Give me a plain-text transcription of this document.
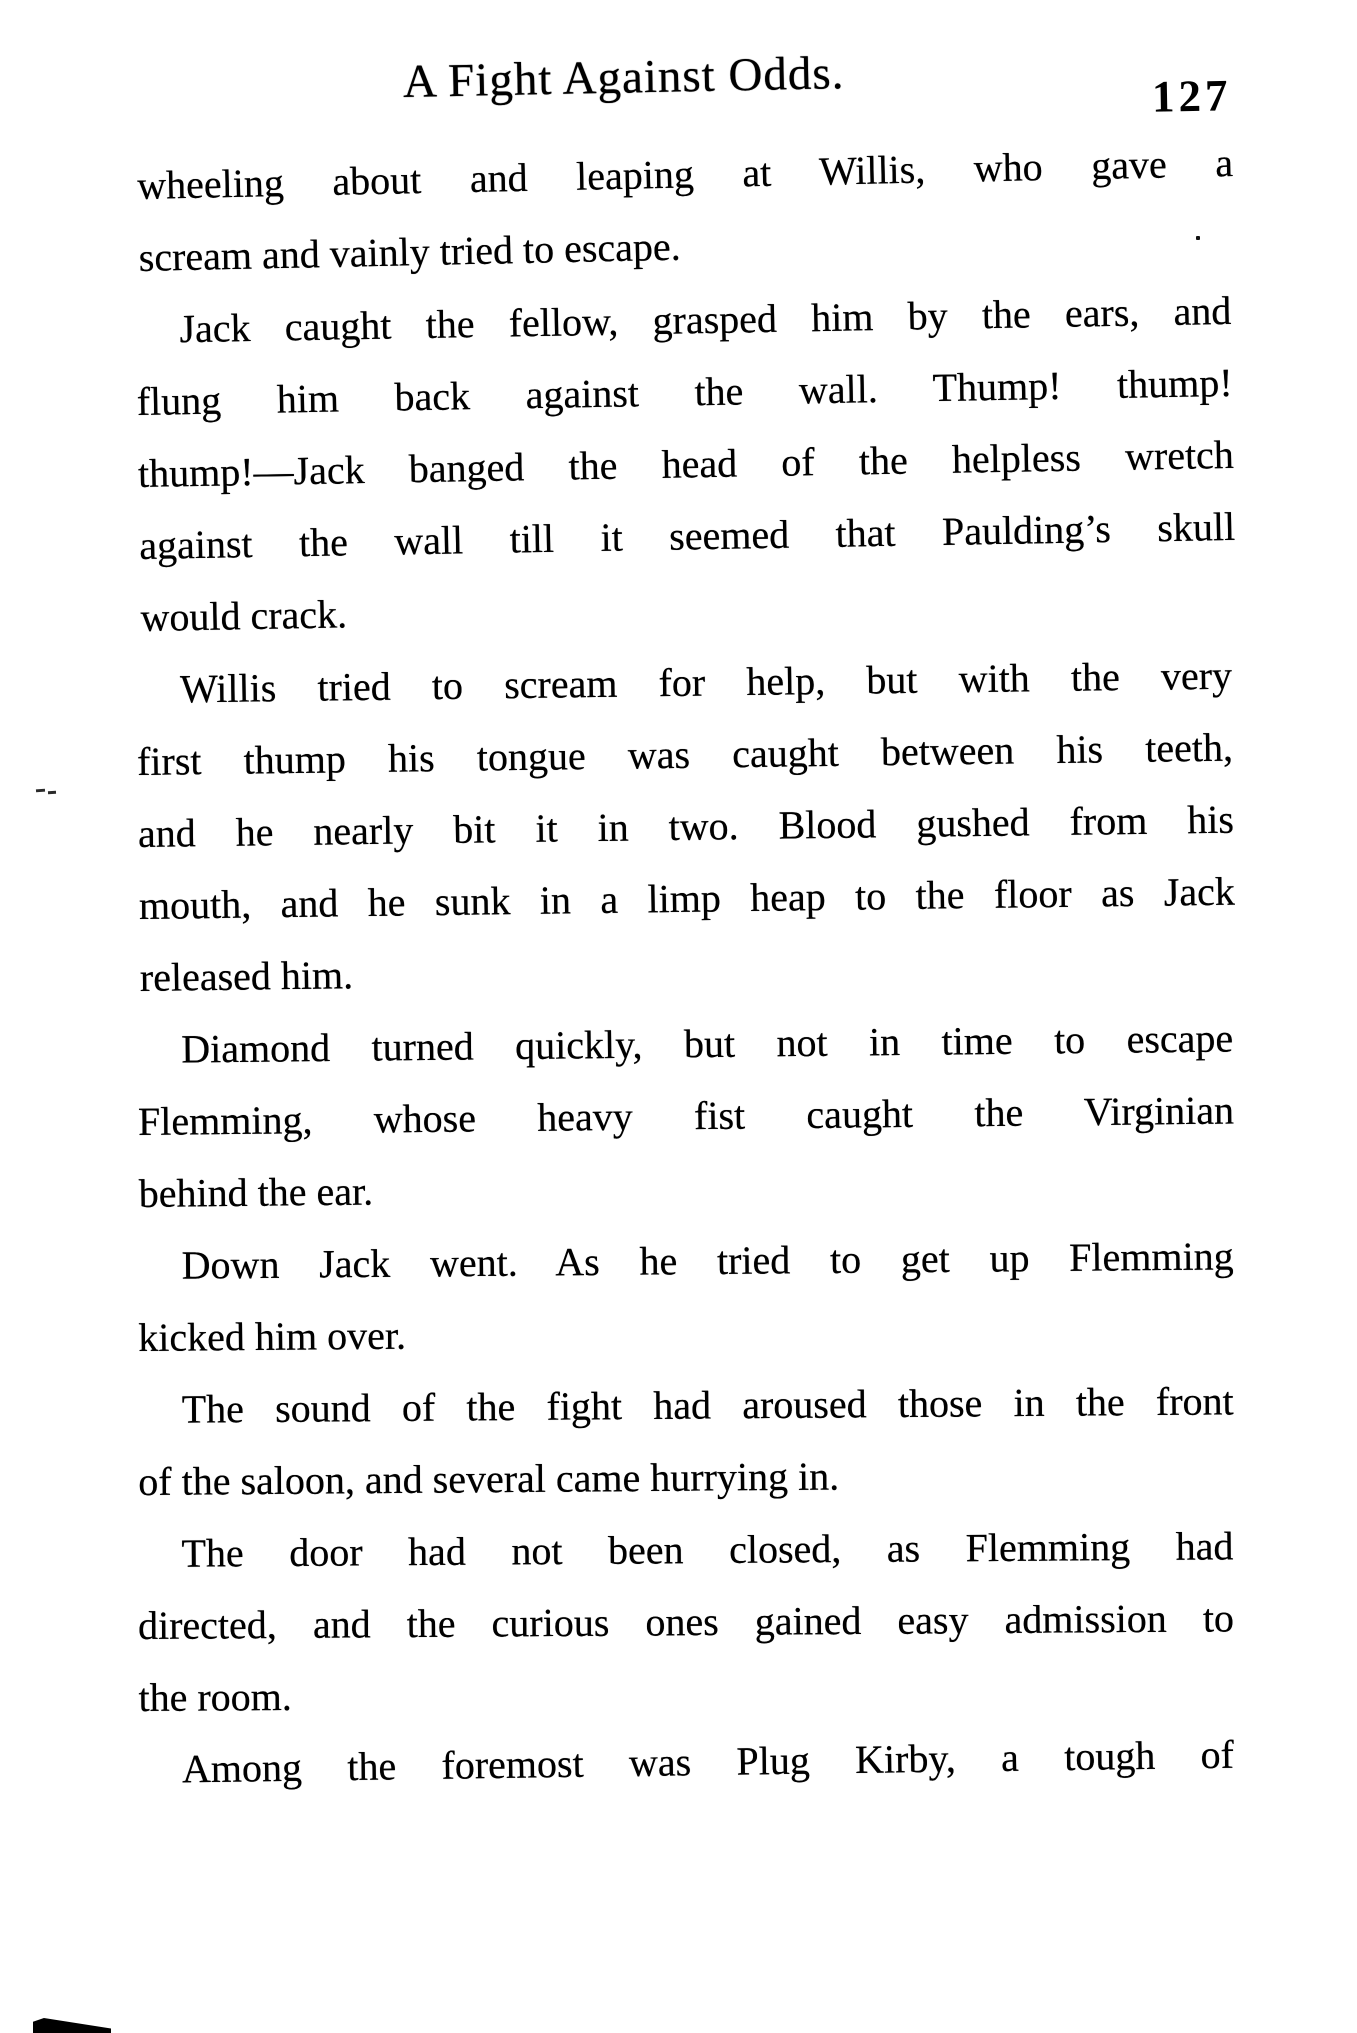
A Fight Against Odds.	127
wheeling about and leaping at Willis, who gave a
scream and vainly tried to escape.
Jack caught the fellow, grasped him by the ears, and
flung him back against the wall. Thump! thump!
thump!—Jack banged the head of the helpless wretch
against the wall till it seemed that Paulding’s skull
would crack.
Willis tried to scream for help, but with the very
first thump his tongue was caught between his teeth,
and he nearly bit it in two. Blood gushed from his
mouth, and he sunk in a limp heap to the floor as Jack
released him.
Diamond turned quickly, but not in time to escape
Flemming, whose heavy fist caught the Virginian
behind the ear.
Down Jack went. As he tried to get up Flemming
kicked him over.
The sound of the fight had aroused those in the front
of the saloon, and several came hurrying in.
The door had not been closed, as Flemming had
directed, and the curious ones gained easy admission to
the room.
Among the foremost was Plug Kirby, a tough of
